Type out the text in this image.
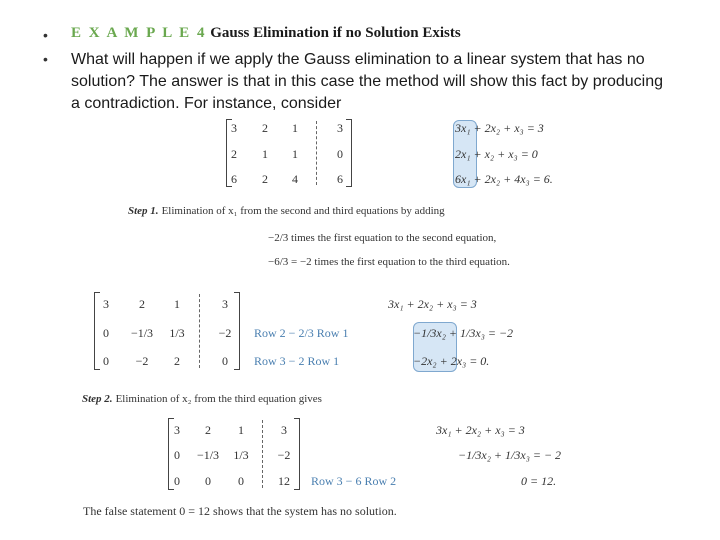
•
•
E X A M P L E 4 Gauss Elimination if no Solution Exists
What will happen if we apply the Gauss elimination to a linear system that has no solution? The answer is that in this case the method will show this fact by producing a contradiction. For instance, consider
3	2	1	3
2	1	1	0
6	2	4	6
3x₁ + 2x₂ + x₃ = 3
2x₁ + x₂ + x₃ = 0
6x₁ + 2x₂ + 4x₃ = 6.
Step 1. Elimination of x₁ from the second and third equations by adding
−2/3 times the first equation to the second equation,
−6/3 = −2 times the first equation to the third equation.
3	2	1	3
0	−1/3	1/3	−2
0	−2	2	0
Row 2 − 2/3 Row 1
Row 3 − 2 Row 1
3x₁ + 2x₂ + x₃ = 3
−1/3x₂ + 1/3x₃ = −2
−2x₂ + 2x₃ = 0.
Step 2. Elimination of x₂ from the third equation gives
3	2	1	3
0	−1/3	1/3	−2
0	0	0	12	Row 3 − 6 Row 2
3x₁ + 2x₂ + x₃ = 3
−1/3x₂ + 1/3x₃ = − 2
0 = 12.
The false statement 0 = 12 shows that the system has no solution.
